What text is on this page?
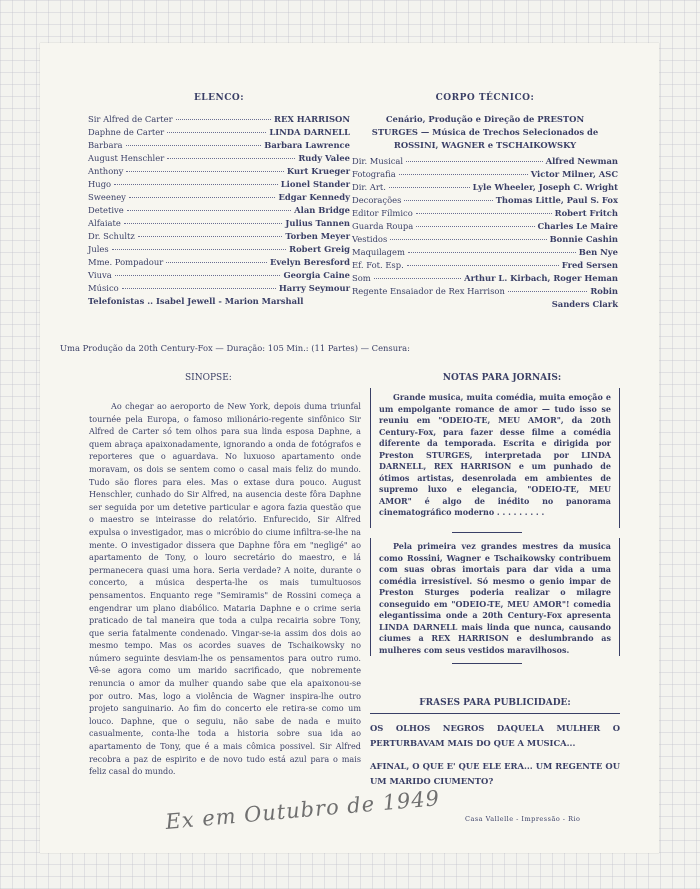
ELENCO:
Sir Alfred de Carter	REX HARRISON
Daphne de Carter	LINDA DARNELL
Barbara	Barbara Lawrence
August Henschler	Rudy Valee
Anthony	Kurt Krueger
Hugo	Lionel Stander
Sweeney	Edgar Kennedy
Detetive	Alan Bridge
Alfaiate	Julius Tannen
Dr. Schultz	Torben Meyer
Jules	Robert Greig
Mme. Pompadour	Evelyn Beresford
Viuva	Georgia Caine
Músico	Harry Seymour
Telefonistas .. Isabel Jewell - Marion Marshall
CORPO TÉCNICO:
Cenário, Produção e Direção de PRESTON STURGES — Música de Trechos Selecionados de ROSSINI, WAGNER e TSCHAIKOWSKY
Dir. Musical	Alfred Newman
Fotografia	Victor Milner, ASC
Dir. Art.	Lyle Wheeler, Joseph C. Wright
Decorações	Thomas Little, Paul S. Fox
Editor Fílmico	Robert Fritch
Guarda Roupa	Charles Le Maire
Vestidos	Bonnie Cashin
Maquilagem	Ben Nye
Ef. Fot. Esp.	Fred Sersen
Som	Arthur L. Kirbach, Roger Heman
Regente Ensaiador de Rex Harrison	Robin
Sanders Clark
Uma Produção da 20th Century-Fox — Duração: 105 Min.: (11 Partes) — Censura:
SINOPSE:

Ao chegar ao aeroporto de New York, depois duma triunfal tournée pela Europa, o famoso milionário-regente sinfônico Sir Alfred de Carter só tem olhos para sua linda esposa Daphne, a quem abraça apaixonadamente, ignorando a onda de fotógrafos e reporteres que o aguardava. No luxuoso apartamento onde moravam, os dois se sentem como o casal mais feliz do mundo. Tudo são flores para eles. Mas o extase dura pouco. August Henschler, cunhado do Sir Alfred, na ausencia deste fôra Daphne ser seguida por um detetive particular e agora fazia questão que o maestro se inteirasse do relatório. Enfurecido, Sir Alfred expulsa o investigador, mas o micróbio do ciume infiltra-se-lhe na mente. O investigador dissera que Daphne fôra em "negligé" ao apartamento de Tony, o louro secretário do maestro, e lá permanecera quasi uma hora. Seria verdade? A noite, durante o concerto, a música desperta-lhe os mais tumultuosos pensamentos. Enquanto rege "Semiramis" de Rossini começa a engendrar um plano diabólico. Mataria Daphne e o crime seria praticado de tal maneira que toda a culpa recairia sobre Tony, que seria fatalmente condenado. Vingar-se-ia assim dos dois ao mesmo tempo. Mas os acordes suaves de Tschaikowsky no número seguinte desviam-lhe os pensamentos para outro rumo. Vê-se agora como um marido sacrificado, que nobremente renuncia o amor da mulher quando sabe que ela apaixonou-se por outro. Mas, logo a violência de Wagner inspira-lhe outro projeto sanguinario. Ao fim do concerto ele retira-se como um louco. Daphne, que o seguiu, não sabe de nada e muito casualmente, conta-lhe toda a historia sobre sua ida ao apartamento de Tony, que é a mais cômica possivel. Sir Alfred recobra a paz de espirito e de novo tudo está azul para o mais feliz casal do mundo.

NOTAS PARA JORNAIS:

Grande musica, muita comédia, muita emoção e um empolgante romance de amor — tudo isso se reuniu em "ODEIO-TE, MEU AMOR", da 20th Century-Fox, para fazer desse filme a comédia diferente da temporada. Escrita e dirigida por Preston STURGES, interpretada por LINDA DARNELL, REX HARRISON e um punhado de ótimos artistas, desenrolada em ambientes de supremo luxo e elegancia, "ODEIO-TE, MEU AMOR" é algo de inédito no panorama cinematográfico moderno . . . . . . . . .

Pela primeira vez grandes mestres da musica como Rossini, Wagner e Tschaikowsky contribuem com suas obras imortais para dar vida a uma comédia irresistível. Só mesmo o genio impar de Preston Sturges poderia realizar o milagre conseguido em "ODEIO-TE, MEU AMOR"! comedia elegantissima onde a 20th Century-Fox apresenta LINDA DARNELL mais linda que nunca, causando ciumes a REX HARRISON e deslumbrando as mulheres com seus vestidos maravilhosos.

FRASES PARA PUBLICIDADE:
OS OLHOS NEGROS DAQUELA MULHER O PERTURBAVAM MAIS DO QUE A MUSICA...
AFINAL, O QUE E' QUE ELE ERA... UM REGENTE OU UM MARIDO CIUMENTO?
Casa Vallelle - Impressão - Rio
Ex em Outubro de 1949
